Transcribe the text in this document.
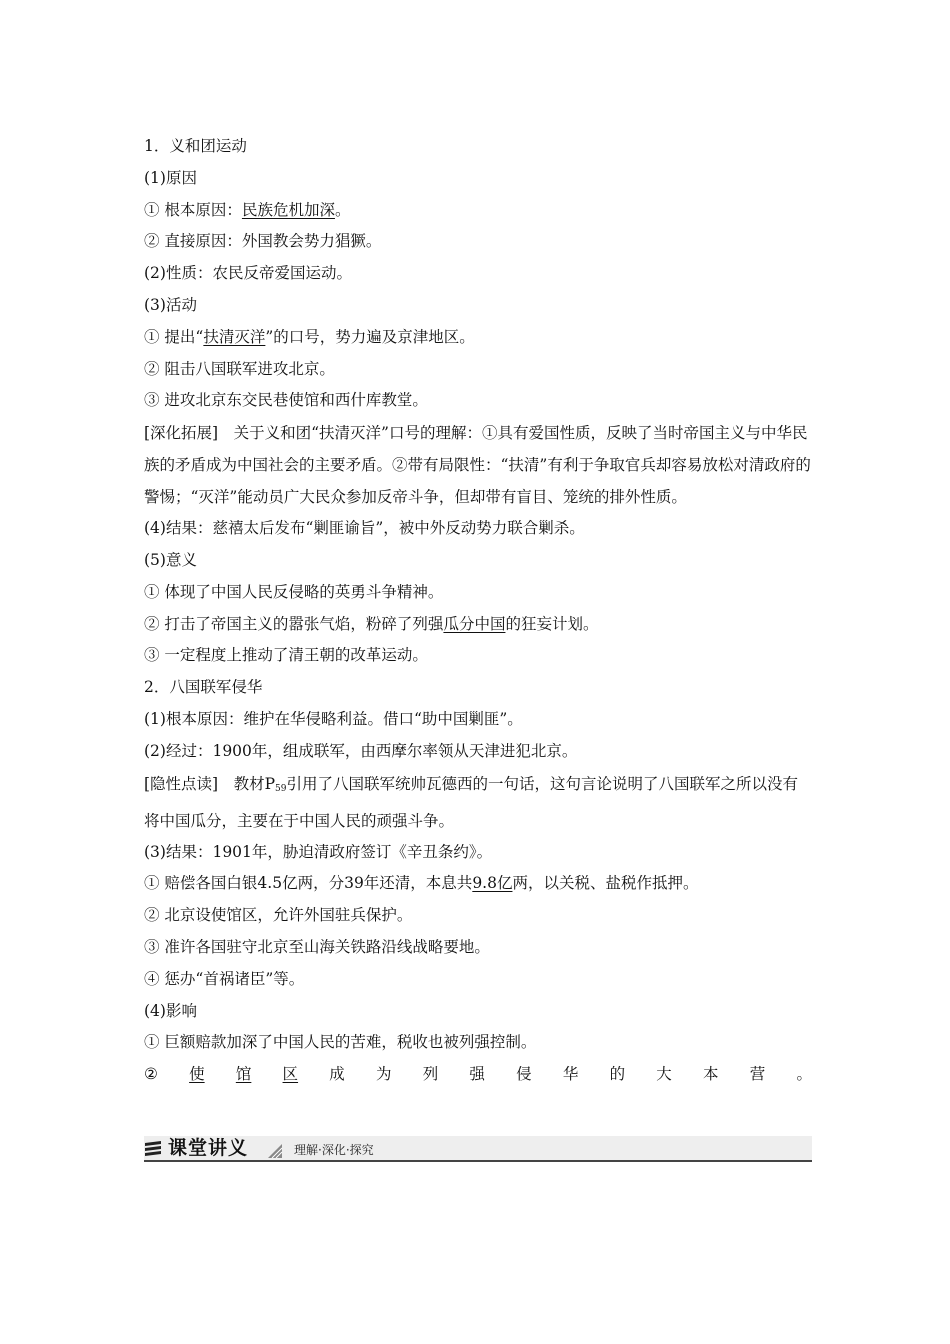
1．义和团运动
(1)原因
① 根本原因：民族危机加深。
② 直接原因：外国教会势力猖獗。
(2)性质：农民反帝爱国运动。
(3)活动
① 提出“扶清灭洋”的口号，势力遍及京津地区。
② 阻击八国联军进攻北京。
③ 进攻北京东交民巷使馆和西什库教堂。
[深化拓展]　关于义和团“扶清灭洋”口号的理解：①具有爱国性质，反映了当时帝国主义与中华民族的矛盾成为中国社会的主要矛盾。②带有局限性：“扶清”有利于争取官兵却容易放松对清政府的警惕；“灭洋”能动员广大民众参加反帝斗争，但却带有盲目、笼统的排外性质。
(4)结果：慈禧太后发布“剿匪谕旨”，被中外反动势力联合剿杀。
(5)意义
① 体现了中国人民反侵略的英勇斗争精神。
② 打击了帝国主义的嚣张气焰，粉碎了列强瓜分中国的狂妄计划。
③ 一定程度上推动了清王朝的改革运动。
2．八国联军侵华
(1)根本原因：维护在华侵略利益。借口“助中国剿匪”。
(2)经过：1900年，组成联军，由西摩尔率领从天津进犯北京。
[隐性点读]　教材$P_{59}$引用了八国联军统帅瓦德西的一句话，这句言论说明了八国联军之所以没有将中国瓜分，主要在于中国人民的顽强斗争。
(3)结果：1901年，胁迫清政府签订《辛丑条约》。
① 赔偿各国白银4.5亿两，分39年还清，本息共9.8亿两，以关税、盐税作抵押。
② 北京设使馆区，允许外国驻兵保护。
③ 准许各国驻守北京至山海关铁路沿线战略要地。
④ 惩办“首祸诸臣”等。
(4)影响
① 巨额赔款加深了中国人民的苦难，税收也被列强控制。
② 使 馆 区 成 为 列 强 侵 华 的 大 本 营 。
课堂讲义	理解·深化·探究
